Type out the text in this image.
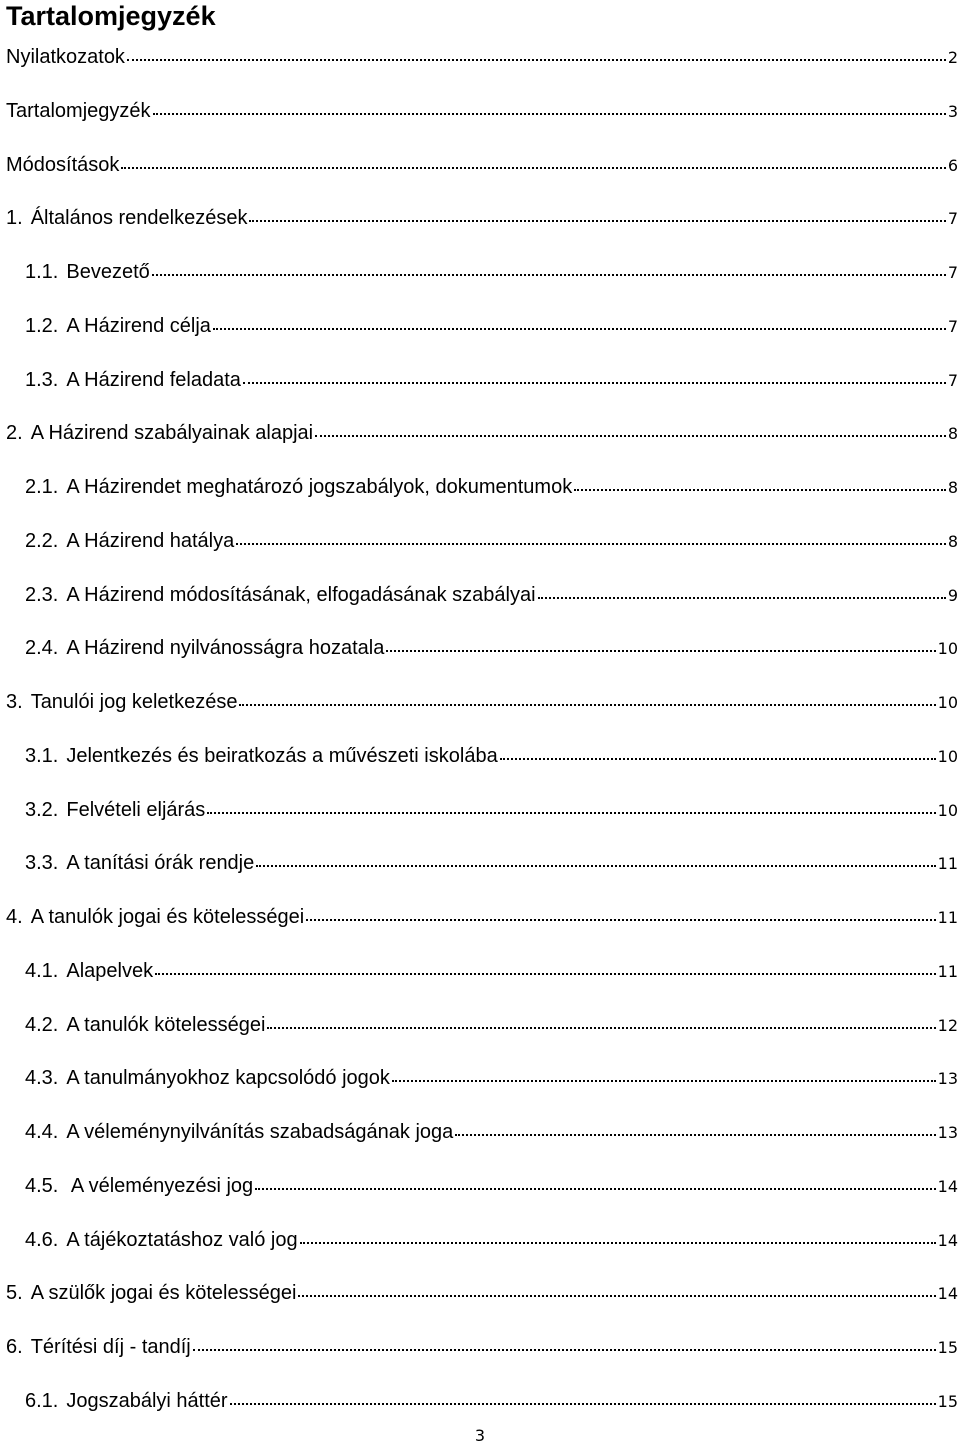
Tartalomjegyzék
Nyilatkozatok	2
Tartalomjegyzék	3
Módosítások	6
1. Általános rendelkezések	7
1.1. Bevezető	7
1.2. A Házirend célja	7
1.3. A Házirend feladata	7
2. A Házirend szabályainak alapjai	8
2.1. A Házirendet meghatározó jogszabályok, dokumentumok	8
2.2. A Házirend hatálya	8
2.3. A Házirend módosításának, elfogadásának szabályai	9
2.4. A Házirend nyilvánosságra hozatala	10
3. Tanulói jog keletkezése	10
3.1. Jelentkezés és beiratkozás a művészeti iskolába	10
3.2. Felvételi eljárás	10
3.3. A tanítási órák rendje	11
4. A tanulók jogai és kötelességei	11
4.1. Alapelvek	11
4.2. A tanulók kötelességei	12
4.3. A tanulmányokhoz kapcsolódó jogok	13
4.4. A véleménynyilvánítás szabadságának joga	13
4.5. A véleményezési jog	14
4.6. A tájékoztatáshoz való jog	14
5. A szülők jogai és kötelességei	14
6. Térítési díj - tandíj	15
6.1. Jogszabályi háttér	15
3
